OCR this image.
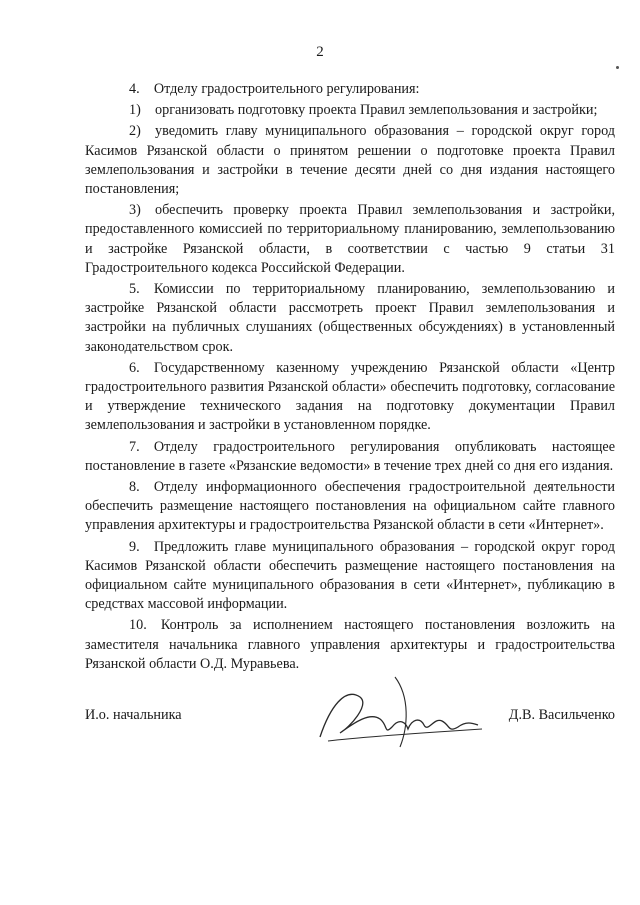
2

4. Отделу градостроительного регулирования:

1) организовать подготовку проекта Правил землепользования и застройки;

2) уведомить главу муниципального образования – городской округ город Касимов Рязанской области о принятом решении о подготовке проекта Правил землепользования и застройки в течение десяти дней со дня издания настоящего постановления;

3) обеспечить проверку проекта Правил землепользования и застройки, предоставленного комиссией по территориальному планированию, землепользованию и застройке Рязанской области, в соответствии с частью 9 статьи 31 Градостроительного кодекса Российской Федерации.

5. Комиссии по территориальному планированию, землепользованию и застройке Рязанской области рассмотреть проект Правил землепользования и застройки на публичных слушаниях (общественных обсуждениях) в установленный законодательством срок.

6. Государственному казенному учреждению Рязанской области «Центр градостроительного развития Рязанской области» обеспечить подготовку, согласование и утверждение технического задания на подготовку документации Правил землепользования и застройки в установленном порядке.

7. Отделу градостроительного регулирования опубликовать настоящее постановление в газете «Рязанские ведомости» в течение трех дней со дня его издания.

8. Отделу информационного обеспечения градостроительной деятельности обеспечить размещение настоящего постановления на официальном сайте главного управления архитектуры и градостроительства Рязанской области в сети «Интернет».

9. Предложить главе муниципального образования – городской округ город Касимов Рязанской области обеспечить размещение настоящего постановления на официальном сайте муниципального образования в сети «Интернет», публикацию в средствах массовой информации.

10. Контроль за исполнением настоящего постановления возложить на заместителя начальника главного управления архитектуры и градостроительства Рязанской области О.Д. Муравьева.

И.о. начальника	Д.В. Васильченко
